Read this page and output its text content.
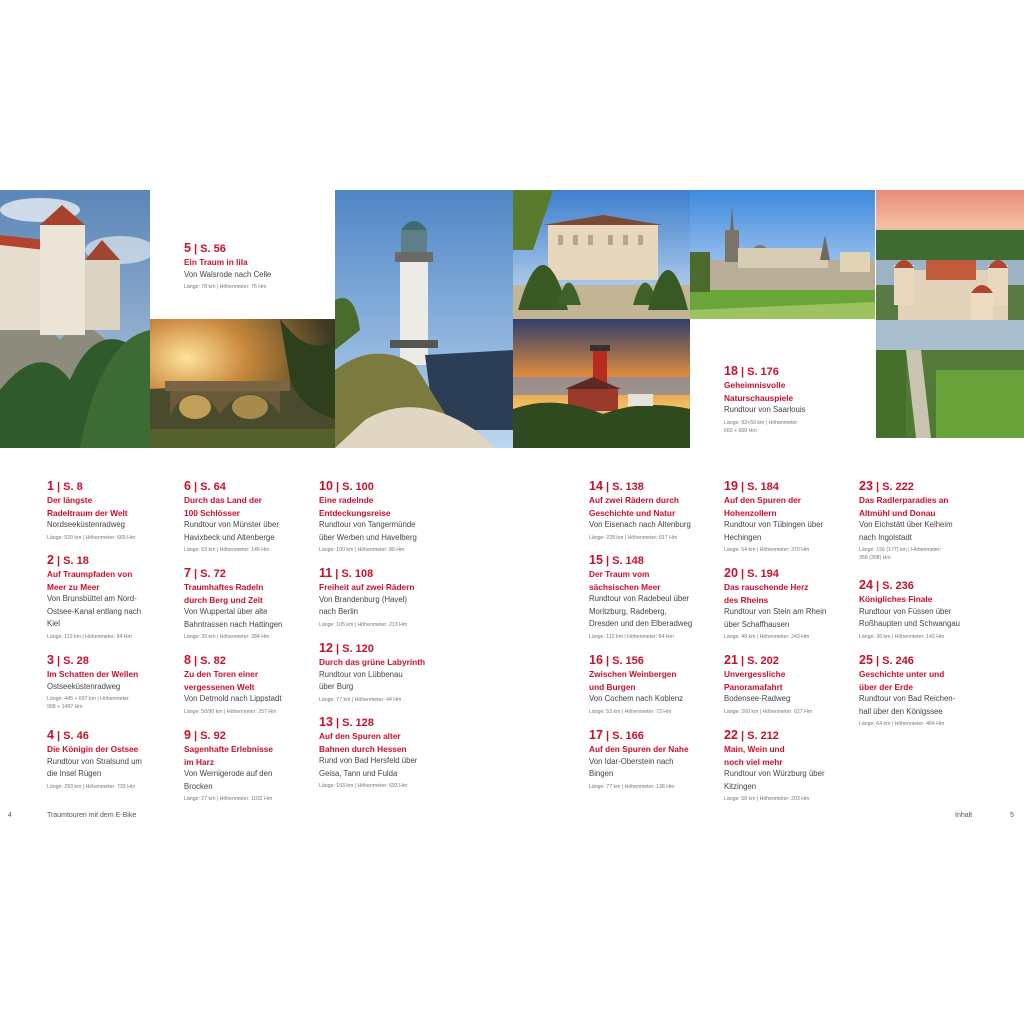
1 | S. 8
Der längste
Radeltraum der Welt
Nordseeküstenradweg
Länge: 929 km | Höhenmeter: 669 Hm
2 | S. 18
Auf Traumpfaden von
Meer zu Meer
Von Brunsbüttel am Nord-
Ostsee-Kanal entlang nach
Kiel
Länge: 112 km | Höhenmeter: 84 Hm
3 | S. 28
Im Schatten der Wellen
Ostseeküstenradweg
Länge: 445 + 697 km | Höhenmeter:
998 + 1497 Hm
4 | S. 46
Die Königin der Ostsee
Rundtour von Stralsund um
die Insel Rügen
Länge: 293 km | Höhenmeter: 733 Hm
5 | S. 56
Ein Traum in lila
Von Walsrode nach Celle
Länge: 78 km | Höhenmeter: 75 Hm
6 | S. 64
Durch das Land der
100 Schlösser
Rundtour von Münster über
Havixbeck und Altenberge
Länge: 63 km | Höhenmeter: 146 Hm
7 | S. 72
Traumhaftes Radeln
durch Berg und Zeit
Von Wuppertal über alte
Bahntrassen nach Hattingen
Länge: 35 km | Höhenmeter: 284 Hm
8 | S. 82
Zu den Toren einer
vergessenen Welt
Von Detmold nach Lippstadt
Länge: 50/90 km | Höhenmeter: 257 Hm
9 | S. 92
Sagenhafte Erlebnisse
im Harz
Von Wernigerode auf den
Brocken
Länge: 27 km | Höhenmeter: 1032 Hm
10 | S. 100
Eine radelnde
Entdeckungsreise
Rundtour von Tangermünde
über Werben und Havelberg
Länge: 100 km | Höhenmeter: 89 Hm
11 | S. 108
Freiheit auf zwei Rädern
Von Brandenburg (Havel)
nach Berlin
Länge: 105 km | Höhenmeter: 213 Hm
12 | S. 120
Durch das grüne Labyrinth
Rundtour von Lübbenau
über Burg
Länge: 77 km | Höhenmeter: 44 Hm
13 | S. 128
Auf den Spuren alter
Bahnen durch Hessen
Rund von Bad Hersfeld über
Geisa, Tann und Fulda
Länge: 153 km | Höhenmeter: 693 Hm
14 | S. 138
Auf zwei Rädern durch
Geschichte und Natur
Von Eisenach nach Altenburg
Länge: 228 km | Höhenmeter: 917 Hm
15 | S. 148
Der Traum vom
sächsischen Meer
Rundtour von Radebeul über
Moritzburg, Radeberg,
Dresden und den Elberadweg
Länge: 112 km | Höhenmeter: 84 Hm
16 | S. 156
Zwischen Weinbergen
und Burgen
Von Cochem nach Koblenz
Länge: 53 km | Höhenmeter: 73 Hm
17 | S. 166
Auf den Spuren der Nahe
Von Idar-Oberstein nach
Bingen
Länge: 77 km | Höhenmeter: 138 Hm
18 | S. 176
Geheimnisvolle
Naturschauspiele
Rundtour von Saarlouis
Länge: 92+50 km | Höhenmeter:
660 + 600 Hm
19 | S. 184
Auf den Spuren der
Hohenzollern
Rundtour von Tübingen über
Hechingen
Länge: 54 km | Höhenmeter: 370 Hm
20 | S. 194
Das rauschende Herz
des Rheins
Rundtour von Stein am Rhein
über Schaffhausen
Länge: 48 km | Höhenmeter: 243 Hm
21 | S. 202
Unvergessliche
Panoramafahrt
Bodensee-Radweg
Länge: 260 km | Höhenmeter: 627 Hm
22 | S. 212
Main, Wein und
noch viel mehr
Rundtour von Würzburg über
Kitzingen
Länge: 58 km | Höhenmeter: 203 Hm
23 | S. 222
Das Radlerparadies an
Altmühl und Donau
Von Eichstätt über Kelheim
nach Ingolstadt
Länge: 156 (177) km | Höhenmeter:
358 (308) Hm
24 | S. 236
Königliches Finale
Rundtour von Füssen über
Roßhaupten und Schwangau
Länge: 36 km | Höhenmeter: 143 Hm
25 | S. 246
Geschichte unter und
über der Erde
Rundtour von Bad Reichen-
hall über den Königssee
Länge: 64 km | Höhenmeter: 464 Hm
4	Traumtouren mit dem E-Bike	Inhalt	5
